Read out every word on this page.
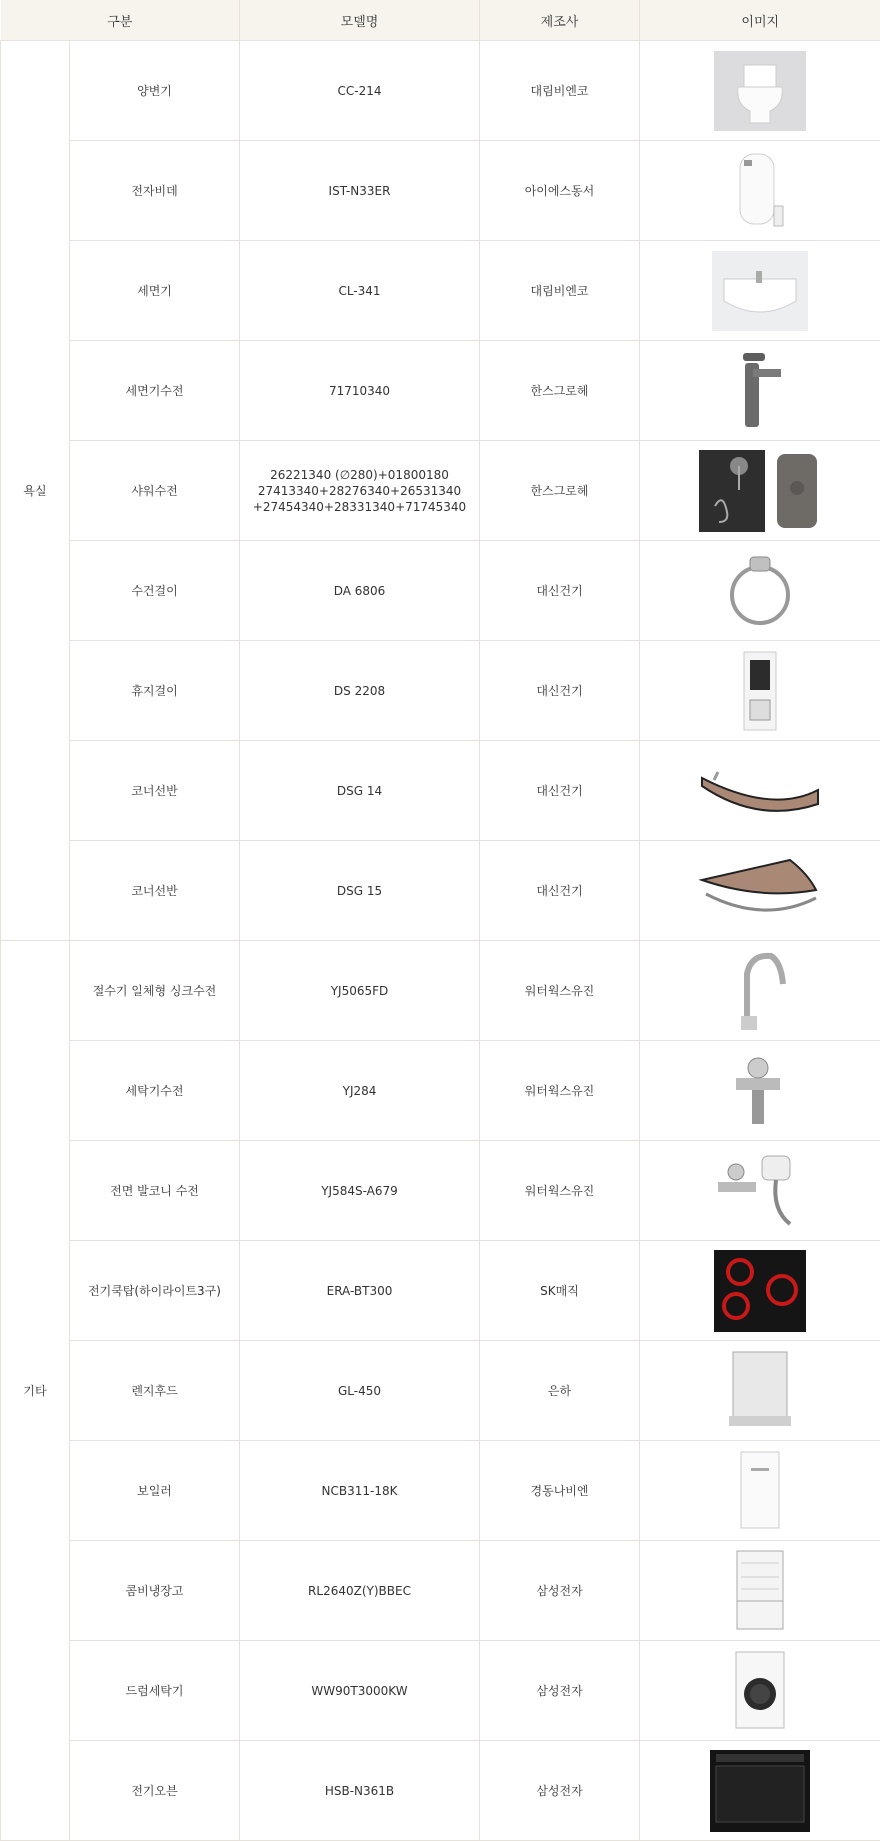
구분		모델명	제조사	이미지
욕실	양변기	CC-214	대림비엔코	

	전자비데	IST-N33ER	아이에스동서	

	세면기	CL-341	대림비엔코	

	세면기수전	71710340	한스그로헤	

	샤워수전	26221340 (∅280)+01800180
27413340+28276340+26531340
+27454340+28331340+71745340	한스그로헤	

	수건걸이	DA 6806	대신건기	

	휴지걸이	DS 2208	대신건기	

	코너선반	DSG 14	대신건기	

	코너선반	DSG 15	대신건기	

기타	절수기 일체형 싱크수전	YJ5065FD	워터웍스유진	

	세탁기수전	YJ284	워터웍스유진	

	전면 발코니 수전	YJ584S-A679	워터웍스유진	

	전기쿡탑(하이라이트3구)	ERA-BT300	SK매직	

	렌지후드	GL-450	은하	

	보일러	NCB311-18K	경동나비엔	

	콤비냉장고	RL2640Z(Y)BBEC	삼성전자	

	드럼세탁기	WW90T3000KW	삼성전자	

	전기오븐	HSB-N361B	삼성전자	
